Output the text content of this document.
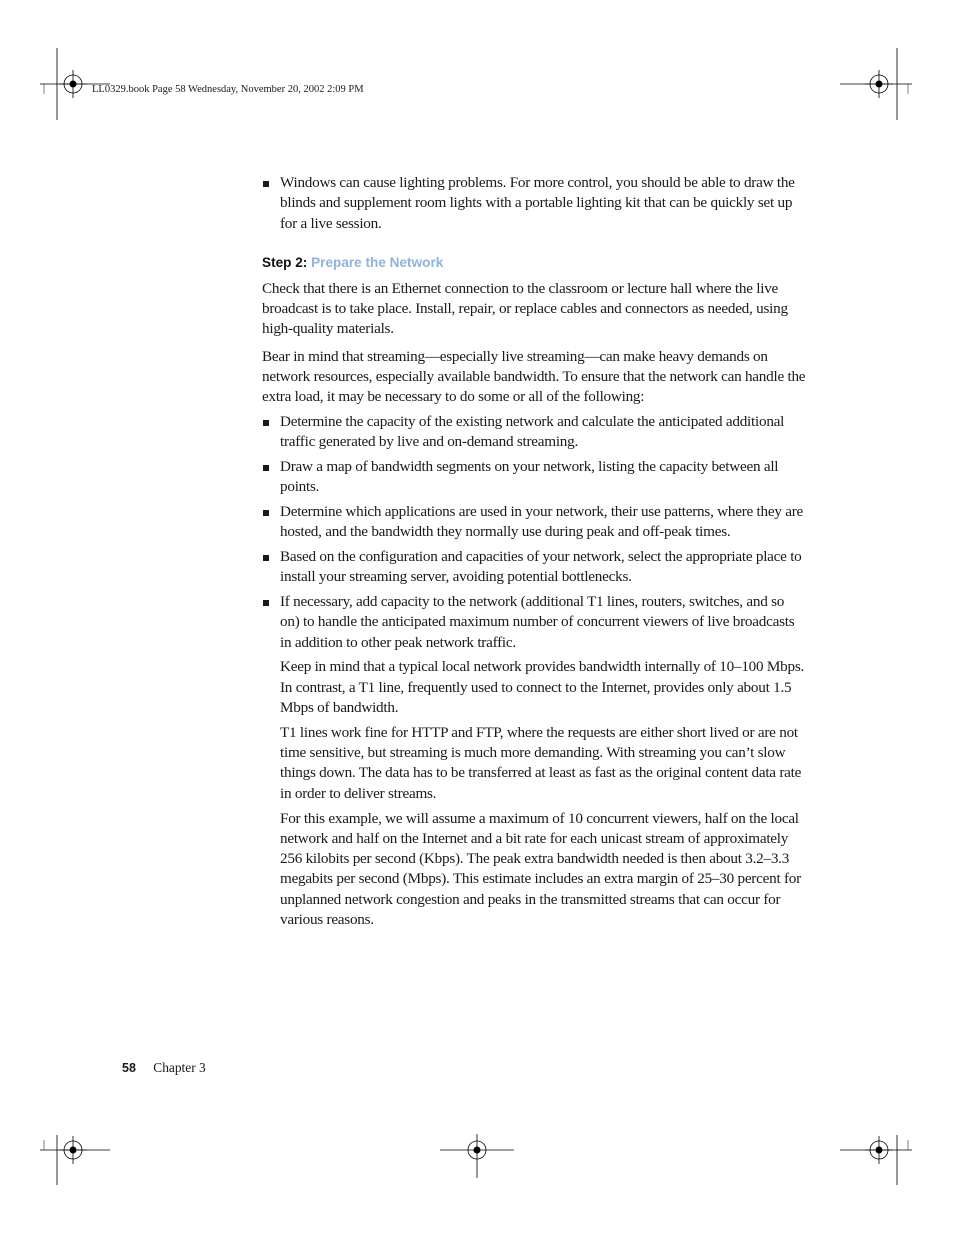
LL0329.book Page 58 Wednesday, November 20, 2002 2:09 PM

Windows can cause lighting problems. For more control, you should be able to draw the blinds and supplement room lights with a portable lighting kit that can be quickly set up for a live session.

Step 2: Prepare the Network

Check that there is an Ethernet connection to the classroom or lecture hall where the live broadcast is to take place. Install, repair, or replace cables and connectors as needed, using high-quality materials.

Bear in mind that streaming—especially live streaming—can make heavy demands on network resources, especially available bandwidth. To ensure that the network can handle the extra load, it may be necessary to do some or all of the following:

Determine the capacity of the existing network and calculate the anticipated additional traffic generated by live and on-demand streaming.

Draw a map of bandwidth segments on your network, listing the capacity between all points.

Determine which applications are used in your network, their use patterns, where they are hosted, and the bandwidth they normally use during peak and off-peak times.

Based on the configuration and capacities of your network, select the appropriate place to install your streaming server, avoiding potential bottlenecks.

If necessary, add capacity to the network (additional T1 lines, routers, switches, and so on) to handle the anticipated maximum number of concurrent viewers of live broadcasts in addition to other peak network traffic.

Keep in mind that a typical local network provides bandwidth internally of 10–100 Mbps. In contrast, a T1 line, frequently used to connect to the Internet, provides only about 1.5 Mbps of bandwidth.

T1 lines work fine for HTTP and FTP, where the requests are either short lived or are not time sensitive, but streaming is much more demanding. With streaming you can’t slow things down. The data has to be transferred at least as fast as the original content data rate in order to deliver streams.

For this example, we will assume a maximum of 10 concurrent viewers, half on the local network and half on the Internet and a bit rate for each unicast stream of approximately 256 kilobits per second (Kbps). The peak extra bandwidth needed is then about 3.2–3.3 megabits per second (Mbps). This estimate includes an extra margin of 25–30 percent for unplanned network congestion and peaks in the transmitted streams that can occur for various reasons.

58 Chapter 3
